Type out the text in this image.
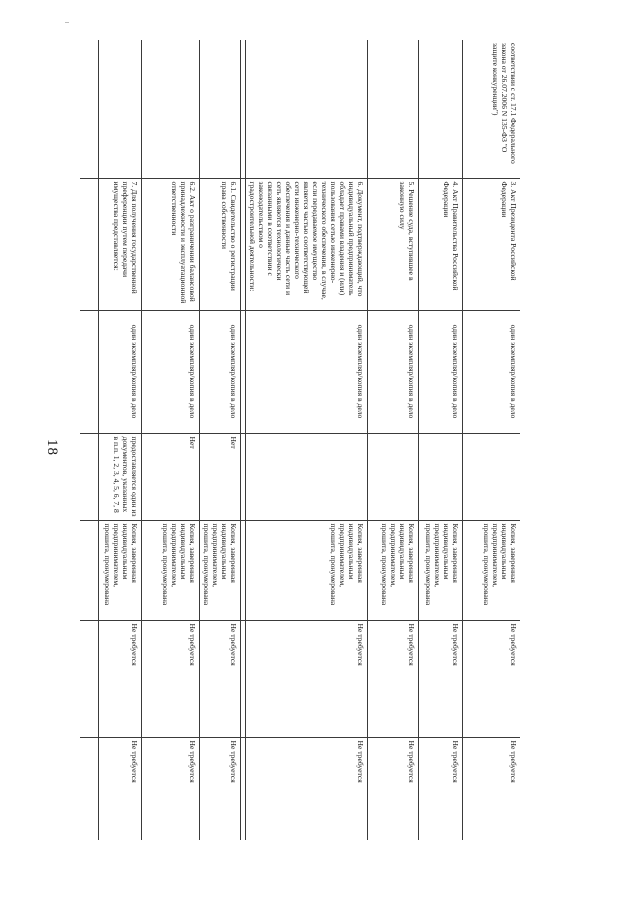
18
соответствии с ст. 17.1 Федерального закона от 26.07.2006 N 135-ФЗ "О защите конкуренции")	3. Акт Президента Российской Федерации	один экземпляр/копия в дело		Копия, заверенная индивидуальным предпринимателем, прошита, пронумерована	Не требуется	Не требуется
	4. Акт Правительства Российской Федерации	один экземпляр/копия в дело		Копия, заверенная индивидуальным предпринимателем, прошита, пронумерована	Не требуется	Не требуется
	5. Решение суда, вступившее в законную силу	один экземпляр/копия в дело		Копия, заверенная индивидуальным предпринимателем, прошита, пронумерована	Не требуется	Не требуется
	6. Документ, подтверждающий, что индивидуальный предприниматель обладает правами владения и (или) пользования сетью инженерно-технического обеспечения, в случае, если передаваемое имущество является частью соответствующей сети инженерно-технического обеспечения и данные часть сети и сеть являются технологически связанными в соответствии с законодательством о градостроительной деятельности:	один экземпляр/копия в дело		Копия, заверенная индивидуальным предпринимателем, прошита, пронумерована	Не требуется	Не требуется

	6.1. Свидетельство о регистрации права собственности	один экземпляр/копия в дело	Нет	Копия, заверенная индивидуальным предпринимателем, прошита, пронумерована	Не требуется	Не требуется
	6.2. Акт о разграничении балансовой принадлежности и эксплуатационной ответственности	один экземпляр/копия в дело	Нет	Копия, заверенная индивидуальным предпринимателем, прошита, пронумерована	Не требуется	Не требуется
	7. Для получения государственной преференции путем передачи имущества представляется:	один экземпляр/копия в дело	предоставляется один из документов, указанных в п.п. 1, 2, 3, 4, 5, 6, 7, 8	Копия, заверенная индивидуальным предпринимателем, прошита, пронумерована	Не требуется	Не требуется
